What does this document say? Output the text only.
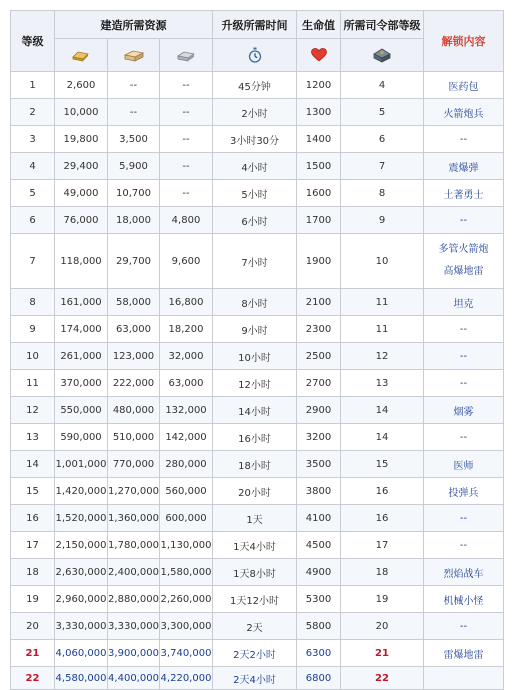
等级	建造所需资源			升级所需时间	生命值	所需司令部等级	解锁内容

1	2,600	--	--	45分钟	1200	4	医药包
2	10,000	--	--	2小时	1300	5	火箭炮兵
3	19,800	3,500	--	3小时30分	1400	6	--
4	29,400	5,900	--	4小时	1500	7	震爆弹
5	49,000	10,700	--	5小时	1600	8	土著勇士
6	76,000	18,000	4,800	6小时	1700	9	--
7	118,000	29,700	9,600	7小时	1900	10	多管火箭炮
高爆地雷

8	161,000	58,000	16,800	8小时	2100	11	坦克
9	174,000	63,000	18,200	9小时	2300	11	--
10	261,000	123,000	32,000	10小时	2500	12	--
11	370,000	222,000	63,000	12小时	2700	13	--
12	550,000	480,000	132,000	14小时	2900	14	烟雾
13	590,000	510,000	142,000	16小时	3200	14	--
14	1,001,000	770,000	280,000	18小时	3500	15	医师
15	1,420,000	1,270,000	560,000	20小时	3800	16	投弹兵
16	1,520,000	1,360,000	600,000	1天	4100	16	--
17	2,150,000	1,780,000	1,130,000	1天4小时	4500	17	--
18	2,630,000	2,400,000	1,580,000	1天8小时	4900	18	烈焰战车
19	2,960,000	2,880,000	2,260,000	1天12小时	5300	19	机械小怪
20	3,330,000	3,330,000	3,300,000	2天	5800	20	--
21	4,060,000	3,900,000	3,740,000	2天2小时	6300	21	雷爆地雷
22	4,580,000	4,400,000	4,220,000	2天4小时	6800	22	
